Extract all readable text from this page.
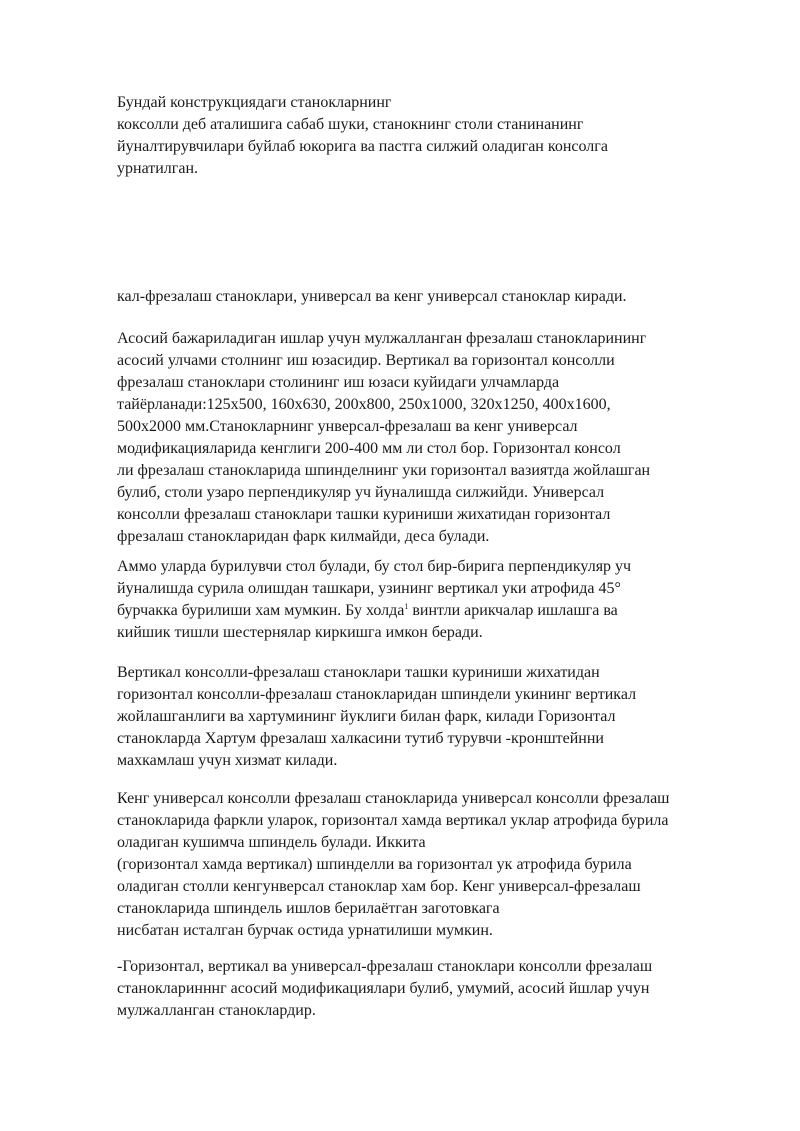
Бундай конструкциядаги станокларнинг
коксолли деб аталишига сабаб шуки, станокнинг столи станинанинг
йуналтирувчилари буйлаб юкорига ва пастга силжий оладиган консолга
урнатилган.
кал-фрезалаш станоклари, универсал ва кенг универсал станоклар киради.
Асосий бажариладиган ишлар учун мулжалланган фрезалаш станокларининг
асосий улчами столнинг иш юзасидир. Вертикал ва горизонтал консолли
фрезалаш станоклари столининг иш юзаси куйидаги улчамларда
тайёрланади:125х500, 160х630, 200х800, 250х1000, 320х1250, 400х1600,
500х2000 мм.Станокларнинг унверсал-фрезалаш ва кенг универсал
модификацияларида кенглиги 200-400 мм ли стол бор. Горизонтал консол
ли фрезалаш станокларида шпинделнинг уки горизонтал вазиятда жойлашган
булиб, столи узаро перпендикуляр уч йуналишда силжийди. Универсал
консолли фрезалаш станоклари ташки куриниши жихатидан горизонтал
фрезалаш станокларидан фарк килмайди, деса булади.
Аммо уларда бурилувчи стол булади, бу стол бир-бирига перпендикуляр уч
йуналишда сурила олишдан ташкари, узининг вертикал уки атрофида 45°
бурчакка бурилиши хам мумкин. Бу холда$^1$ винтли арикчалар ишлашга ва
кийшик тишли шестернялар киркишга имкон беради.
Вертикал консолли-фрезалаш станоклари ташки куриниши жихатидан
горизонтал консолли-фрезалаш станокларидан шпиндели укининг вертикал
жойлашганлиги ва хартумининг йуклиги билан фарк, килади Горизонтал
станокларда Хартум фрезалаш халкасини тутиб турувчи -кронштейнни
махкамлаш учун хизмат килади.
Кенг универсал консолли фрезалаш станокларида универсал консолли фрезалаш
станокларида фаркли уларок, горизонтал хамда вертикал уклар атрофида бурила
оладиган кушимча шпиндель булади. Иккита
(горизонтал хамда вертикал) шпинделли ва горизонтал ук атрофида бурила
оладиган столли кенгунверсал станоклар хам бор. Кенг универсал-фрезалаш
станокларида шпиндель ишлов берилаётган заготовкага
нисбатан исталган бурчак остида урнатилиши мумкин.
-Горизонтал, вертикал ва универсал-фрезалаш станоклари консолли фрезалаш
станокларинннг асосий модификациялари булиб, умумий, асосий йшлар учун
мулжалланган станоклардир.
